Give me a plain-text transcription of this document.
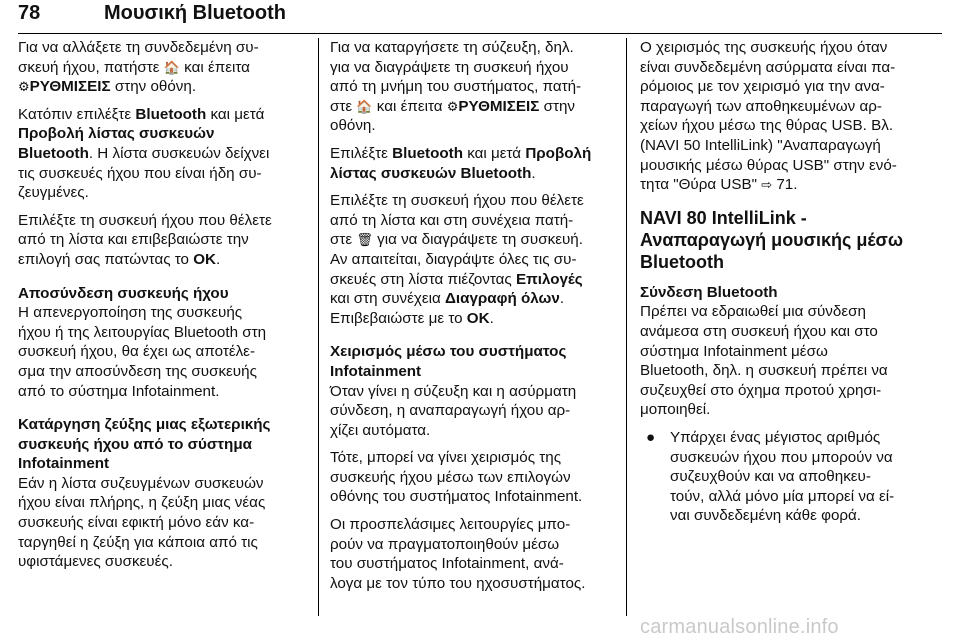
78	Μουσική Bluetooth

Για να αλλάξετε τη συνδεδεμένη συ-
σκευή ήχου, πατήστε 🏠 και έπειτα
⚙ΡΥΘΜΙΣΕΙΣ στην οθόνη.

Κατόπιν επιλέξτε Bluetooth και μετά
Προβολή λίστας συσκευών
Bluetooth. Η λίστα συσκευών δείχνει
τις συσκευές ήχου που είναι ήδη συ-
ζευγμένες.

Επιλέξτε τη συσκευή ήχου που θέλετε
από τη λίστα και επιβεβαιώστε την
επιλογή σας πατώντας το OK.

Αποσύνδεση συσκευής ήχου

Η απενεργοποίηση της συσκευής
ήχου ή της λειτουργίας Bluetooth στη
συσκευή ήχου, θα έχει ως αποτέλε-
σμα την αποσύνδεση της συσκευής
από το σύστημα Infotainment.

Κατάργηση ζεύξης μιας εξωτερικής
συσκευής ήχου από το σύστημα
Infotainment

Εάν η λίστα συζευγμένων συσκευών
ήχου είναι πλήρης, η ζεύξη μιας νέας
συσκευής είναι εφικτή μόνο εάν κα-
ταργηθεί η ζεύξη για κάποια από τις
υφιστάμενες συσκευές.

Για να καταργήσετε τη σύζευξη, δηλ.
για να διαγράψετε τη συσκευή ήχου
από τη μνήμη του συστήματος, πατή-
στε 🏠 και έπειτα ⚙ΡΥΘΜΙΣΕΙΣ στην
οθόνη.

Επιλέξτε Bluetooth και μετά Προβολή
λίστας συσκευών Bluetooth.

Επιλέξτε τη συσκευή ήχου που θέλετε
από τη λίστα και στη συνέχεια πατή-
στε 🗑 για να διαγράψετε τη συσκευή.
Αν απαιτείται, διαγράψτε όλες τις συ-
σκευές στη λίστα πιέζοντας Επιλογές
και στη συνέχεια Διαγραφή όλων.
Επιβεβαιώστε με το OK.

Χειρισμός μέσω του συστήματος
Infotainment

Όταν γίνει η σύζευξη και η ασύρματη
σύνδεση, η αναπαραγωγή ήχου αρ-
χίζει αυτόματα.

Τότε, μπορεί να γίνει χειρισμός της
συσκευής ήχου μέσω των επιλογών
οθόνης του συστήματος Infotainment.

Οι προσπελάσιμες λειτουργίες μπο-
ρούν να πραγματοποιηθούν μέσω
του συστήματος Infotainment, ανά-
λογα με τον τύπο του ηχοσυστήματος.

Ο χειρισμός της συσκευής ήχου όταν
είναι συνδεδεμένη ασύρματα είναι πα-
ρόμοιος με τον χειρισμό για την ανα-
παραγωγή των αποθηκευμένων αρ-
χείων ήχου μέσω της θύρας USB. Βλ.
(NAVI 50 IntelliLink) "Αναπαραγωγή
μουσικής μέσω θύρας USB" στην ενό-
τητα "Θύρα USB" ⇨ 71.

NAVI 80 IntelliLink -
Αναπαραγωγή μουσικής μέσω
Bluetooth
Σύνδεση Bluetooth

Πρέπει να εδραιωθεί μια σύνδεση
ανάμεσα στη συσκευή ήχου και στο
σύστημα Infotainment μέσω
Bluetooth, δηλ. η συσκευή πρέπει να
συζευχθεί στο όχημα προτού χρησι-
μοποιηθεί.

● Υπάρχει ένας μέγιστος αριθμός
συσκευών ήχου που μπορούν να
συζευχθούν και να αποθηκευ-
τούν, αλλά μόνο μία μπορεί να εί-
ναι συνδεδεμένη κάθε φορά.

carmanualsonline.info
